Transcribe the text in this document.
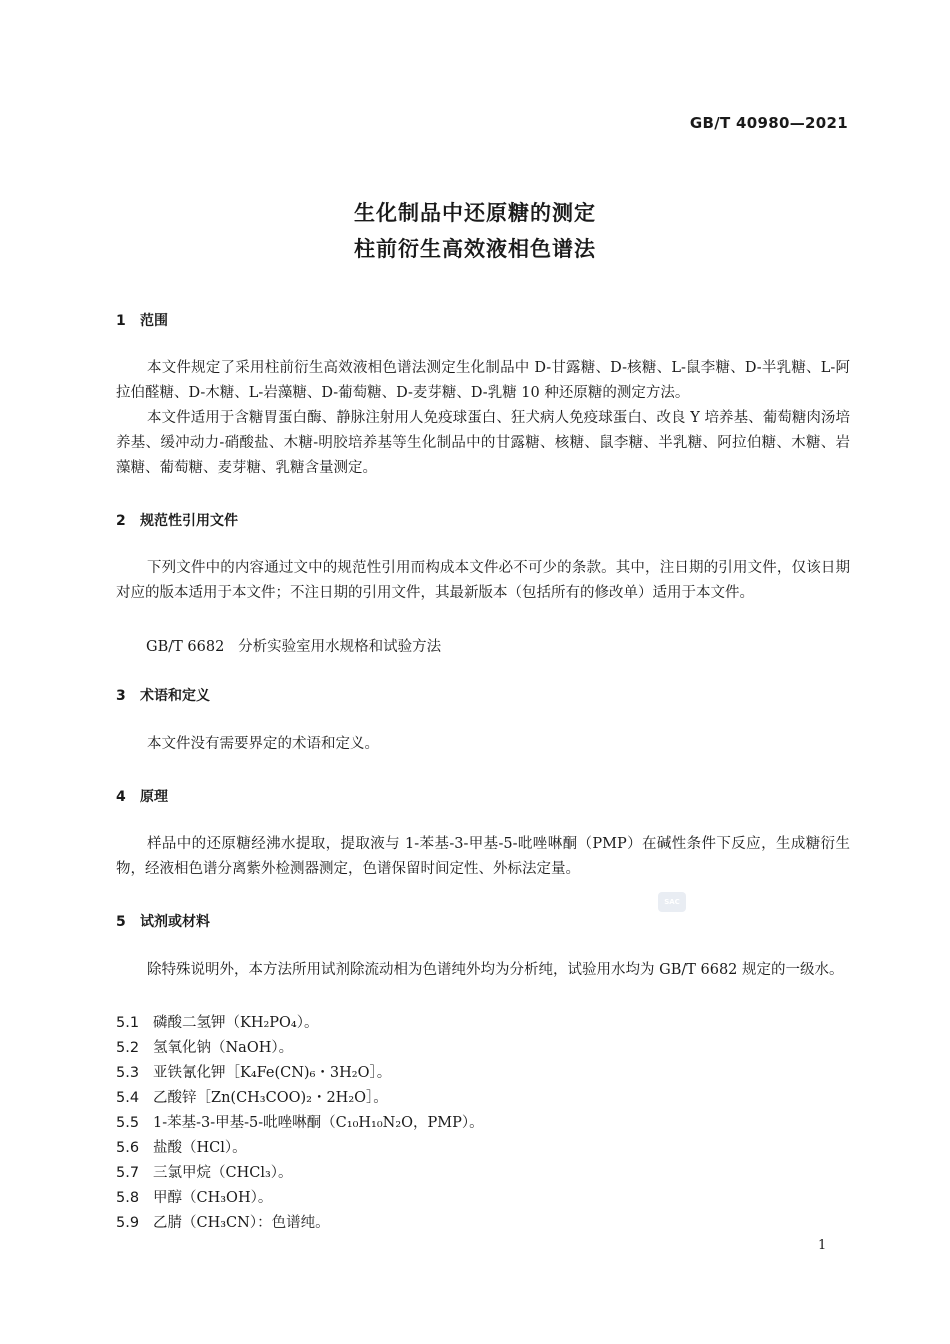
GB/T 40980—2021
生化制品中还原糖的测定
柱前衍生高效液相色谱法
1 范围

本文件规定了采用柱前衍生高效液相色谱法测定生化制品中 D-甘露糖、D-核糖、L-鼠李糖、D-半乳糖、L-阿拉伯醛糖、D-木糖、L-岩藻糖、D-葡萄糖、D-麦芽糖、D-乳糖 10 种还原糖的测定方法。

本文件适用于含糖胃蛋白酶、静脉注射用人免疫球蛋白、狂犬病人免疫球蛋白、改良 Y 培养基、葡萄糖肉汤培养基、缓冲动力-硝酸盐、木糖-明胶培养基等生化制品中的甘露糖、核糖、鼠李糖、半乳糖、阿拉伯糖、木糖、岩藻糖、葡萄糖、麦芽糖、乳糖含量测定。

2 规范性引用文件

下列文件中的内容通过文中的规范性引用而构成本文件必不可少的条款。其中，注日期的引用文件，仅该日期对应的版本适用于本文件；不注日期的引用文件，其最新版本（包括所有的修改单）适用于本文件。

GB/T 6682   分析实验室用水规格和试验方法
3 术语和定义

本文件没有需要界定的术语和定义。

4 原理

样品中的还原糖经沸水提取，提取液与 1-苯基-3-甲基-5-吡唑啉酮（PMP）在碱性条件下反应，生成糖衍生物，经液相色谱分离紫外检测器测定，色谱保留时间定性、外标法定量。

SAC
5 试剂或材料

除特殊说明外，本方法所用试剂除流动相为色谱纯外均为分析纯，试验用水均为 GB/T 6682 规定的一级水。

5.1 磷酸二氢钾（KH₂PO₄）。
5.2 氢氧化钠（NaOH）。
5.3 亚铁氰化钾［K₄Fe(CN)₆・3H₂O］。
5.4 乙酸锌［Zn(CH₃COO)₂・2H₂O］。
5.5 1-苯基-3-甲基-5-吡唑啉酮（C₁₀H₁₀N₂O，PMP）。
5.6 盐酸（HCl）。
5.7 三氯甲烷（CHCl₃）。
5.8 甲醇（CH₃OH）。
5.9 乙腈（CH₃CN）：色谱纯。
1
